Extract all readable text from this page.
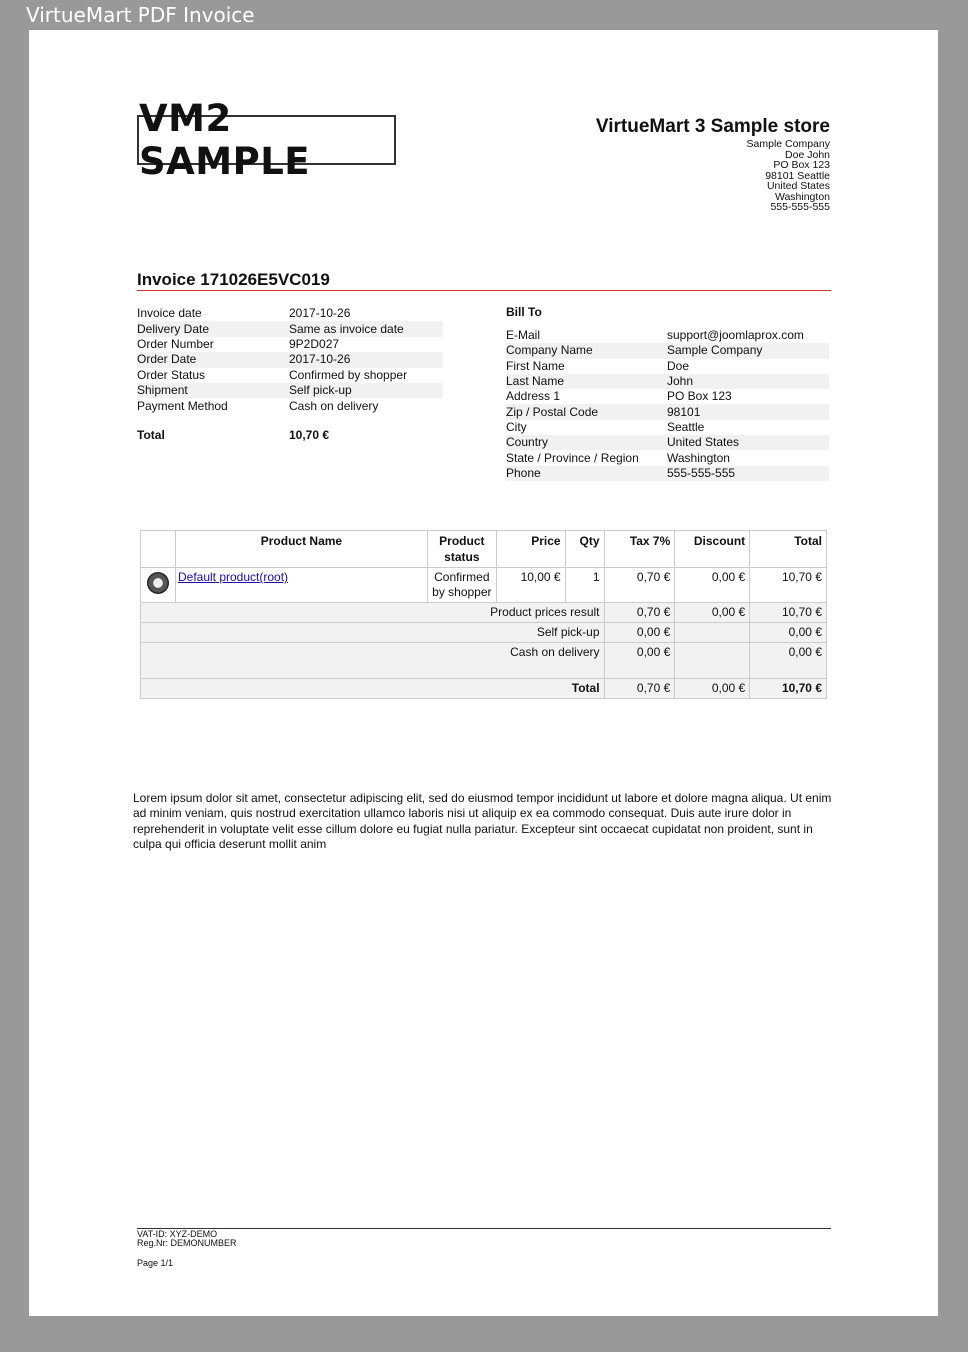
VirtueMart PDF Invoice
VM2 SAMPLE
VirtueMart 3 Sample store
Sample Company
Doe John
PO Box 123
98101 Seattle
United States
Washington
555-555-555
Invoice 171026E5VC019
Invoice date	2017-10-26
Delivery Date	Same as invoice date
Order Number	9P2D027
Order Date	2017-10-26
Order Status	Confirmed by shopper
Shipment	Self pick-up
Payment Method	Cash on delivery
Total	10,70 €
Bill To
E-Mail	support@joomlaprox.com
Company Name	Sample Company
First Name	Doe
Last Name	John
Address 1	PO Box 123
Zip / Postal Code	98101
City	Seattle
Country	United States
State / Province / Region	Washington
Phone	555-555-555
	Product Name	Product status	Price	Qty	Tax 7%	Discount	Total
	Default product(root)	Confirmed by shopper	10,00 €	1	0,70 €	0,00 €	10,70 €
Product prices result					0,70 €	0,00 €	10,70 €
Self pick-up					0,00 €		0,00 €
Cash on delivery					0,00 €		0,00 €
Total					0,70 €	0,00 €	10,70 €
Lorem ipsum dolor sit amet, consectetur adipiscing elit, sed do eiusmod tempor incididunt ut labore et dolore magna aliqua. Ut enim ad minim veniam, quis nostrud exercitation ullamco laboris nisi ut aliquip ex ea commodo consequat. Duis aute irure dolor in reprehenderit in voluptate velit esse cillum dolore eu fugiat nulla pariatur. Excepteur sint occaecat cupidatat non proident, sunt in culpa qui officia deserunt mollit anim
VAT-ID: XYZ-DEMO
Reg.Nr: DEMONUMBER
Page 1/1
